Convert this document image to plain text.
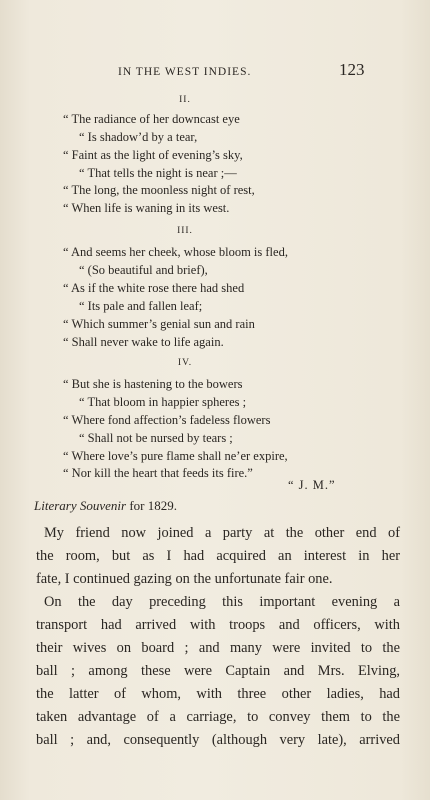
IN THE WEST INDIES.	123
II.
“ The radiance of her downcast eye
“ Is shadow’d by a tear,
“ Faint as the light of evening’s sky,
“ That tells the night is near ;—
“ The long, the moonless night of rest,
“ When life is waning in its west.
III.
“ And seems her cheek, whose bloom is fled,
“ (So beautiful and brief),
“ As if the white rose there had shed
“ Its pale and fallen leaf;
“ Which summer’s genial sun and rain
“ Shall never wake to life again.
IV.
“ But she is hastening to the bowers
“ That bloom in happier spheres ;
“ Where fond affection’s fadeless flowers
“ Shall not be nursed by tears ;
“ Where love’s pure flame shall ne’er expire,
“ Nor kill the heart that feeds its fire.”
“ J. M.”
Literary Souvenir for 1829.
My friend now joined a party at the other end of
the room, but as I had acquired an interest in her
fate, I continued gazing on the unfortunate fair one.
On the day preceding this important evening a
transport had arrived with troops and officers, with
their wives on board ; and many were invited to the
ball ; among these were Captain and Mrs. Elving,
the latter of whom, with three other ladies, had
taken advantage of a carriage, to convey them to the
ball ; and, consequently (although very late), arrived
